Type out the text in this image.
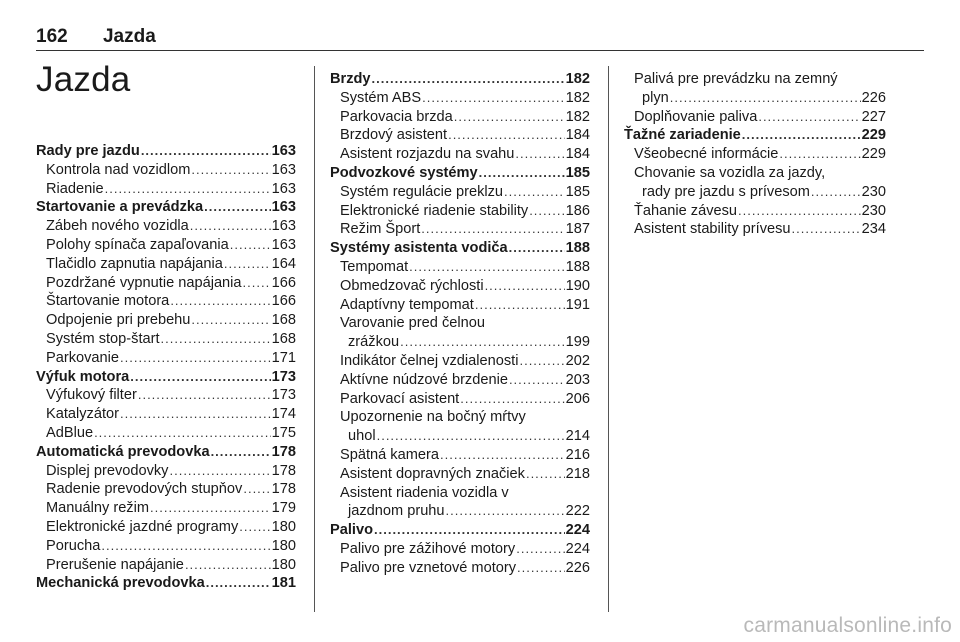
162 Jazda
Jazda
Rady pre jazdu .....	163
Kontrola nad vozidlom .....	163
Riadenie .....	163
Startovanie a prevádzka .....	163
Zábeh nového vozidla .....	163
Polohy spínača zapaľovania .....	163
Tlačidlo zapnutia napájania .....	164
Pozdržané vypnutie napájania ..... 166
Štartovanie motora .....	166
Odpojenie pri prebehu .....	168
Systém stop-štart .....	168
Parkovanie .....	171
Výfuk motora .....	173
Výfukový filter .....	173
Katalyzátor .....	174
AdBlue .....	175
Automatická prevodovka .....	178
Displej prevodovky .....	178
Radenie prevodových stupňov ..... 178
Manuálny režim .....	179
Elektronické jazdné programy ..... 180
Porucha .....	180
Prerušenie napájanie .....	180
Mechanická prevodovka .....	181
Brzdy .....	182
Systém ABS .....	182
Parkovacia brzda .....	182
Brzdový asistent .....	184
Asistent rozjazdu na svahu .....	184
Podvozkové systémy .....	185
Systém regulácie preklzu .....	185
Elektronické riadenie stability .....	186
Režim Šport .....	187
Systémy asistenta vodiča .....	188
Tempomat .....	188
Obmedzovač rýchlosti .....	190
Adaptívny tempomat .....	191
Varovanie pred čelnou
zrážkou .....	199
Indikátor čelnej vzdialenosti .....	202
Aktívne núdzové brzdenie .....	203
Parkovací asistent .....	206
Upozornenie na bočný mŕtvy
uhol .....	214
Spätná kamera .....	216
Asistent dopravných značiek .....	218
Asistent riadenia vozidla v
jazdnom pruhu .....	222
Palivo .....	224
Palivo pre zážihové motory .....	224
Palivo pre vznetové motory .....	226
Palivá pre prevádzku na zemný
plyn .....	226
Doplňovanie paliva .....	227
Ťažné zariadenie .....	229
Všeobecné informácie .....	229
Chovanie sa vozidla za jazdy,
rady pre jazdu s prívesom .....	230
Ťahanie závesu .....	230
Asistent stability prívesu .....	234
carmanualsonline.info
